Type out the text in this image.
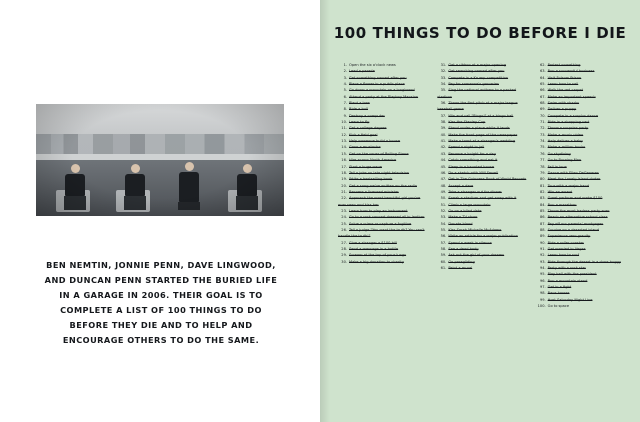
BEN NEMTIN, JONNIE PENN, DAVE LINGWOOD, AND DUNCAN PENN STARTED THE BURIED LIFE IN A GARAGE IN 2006. THEIR GOAL IS TO COMPLETE A LIST OF 100 THINGS TO DO BEFORE THEY DIE AND TO HELP AND ENCOURAGE OTHERS TO DO THE SAME.
100 THINGS TO DO BEFORE I DIE
1. Open the six o'clock news
2. Lead a parade
3. Get something named after you
4. Place a flower in a public place
5. Go down a mountain on a longboard
6. Attend a party at the Playboy Mansion
7. Plant a tree
8. Ride a bull
9. Destroy a computer
10. Learn to fly
11. Get a college degree
12. Kick a field goal
13. Help someone build a house
14. Grow a mustache
15. Get on the cover of Rolling Stone
16. Hire across North America
17. Start a huge wave
18. Tell a joke on late night television
19. Write a bestselling book
20. Get a song we've written on the radio
21. Become a licensed minister
22. Approach the most beautiful girl you've ever seen and kiss her
23. Learn how to play an instrument
24. Go to a rock concert dressed all in leather
25. Solve a crime or capture a fugitive
26. Tell a judge "You want the truth? You can't handle the truth!"
27. Give a stranger a $100 bill
28. Send a message in a bottle
29. Scream at the top of your lungs
30. Make a big donation to charity
31. Get a ribbon at a major opening
32. Get searching named after you
33. Compete in a Krump competition
34. Pay for someone's groceries
35. Sing the national anthem to a packed stadium
36. Throw the first pitch at a major league baseball game
37. Win and call "Bingo!" at a bingo hall
38. Kiss the Stanley Cup
39. Stand under a plane while it lands
40. Make the front page of the newspaper
41. Make a toast at a stranger's wedding
42. Spend a night in jail
43. Become a knight for a day
44. Catch something and eat it
45. Sleep in a haunted house
46. Do a sketch with Will Ferrell
47. Get in The Guinness Book of World Records
48. Accept a dare
49. Take a stranger out for dinner
50. Sneak a stadium and get away with it
51. Climb a large mountain
52. Go on a blind date
53. Make a TV show
54. Donate blood
55. Kiss Sarah Michelle McAdams
56. Write an article for a major publication
57. Spend a week in silence
58. See a dead body
59. Ask out the girl of your dreams
60. Go paragliding
61. Paint a mural
62. Protest something
63. Run a successful business
64. Visit Folsom Prison
65. Learn how to sail
66. Walk the red carpet
67. Make an important speech
68. Swim with sharks
69. Deliver a puppy
70. Compete in a surplus dance
71. Ride in a shopping cart
72. Throw a surprise party
73. Make a music video
74. Help deliver a baby
75. Make a million bucks
76. Go skydiving
77. Go to Burning Man
78. Fall in love
79. Dance with Ellen DeGeneres
80. Meet the Lonely Island dudes
81. Tour with a major band
82. Win an award
83. Greet perform and make $100
84. Run a marathon
85. Throw the most badass party ever
86. Reach an alternative school class
87. Pay off our parents' mortgages
88. Survive on a deserted island
89. Experience zero gravity
90. Ride a roller coaster
91. Get married in Vegas
92. Learn how to surf
93. Ride through the desert in a dune buggy
94. Party with a rock star
95. Play ball with the president
96. Run a mountain stand
97. Get in a fight
98. Race horses
99. Host Saturday Night Live
100. Go to space
